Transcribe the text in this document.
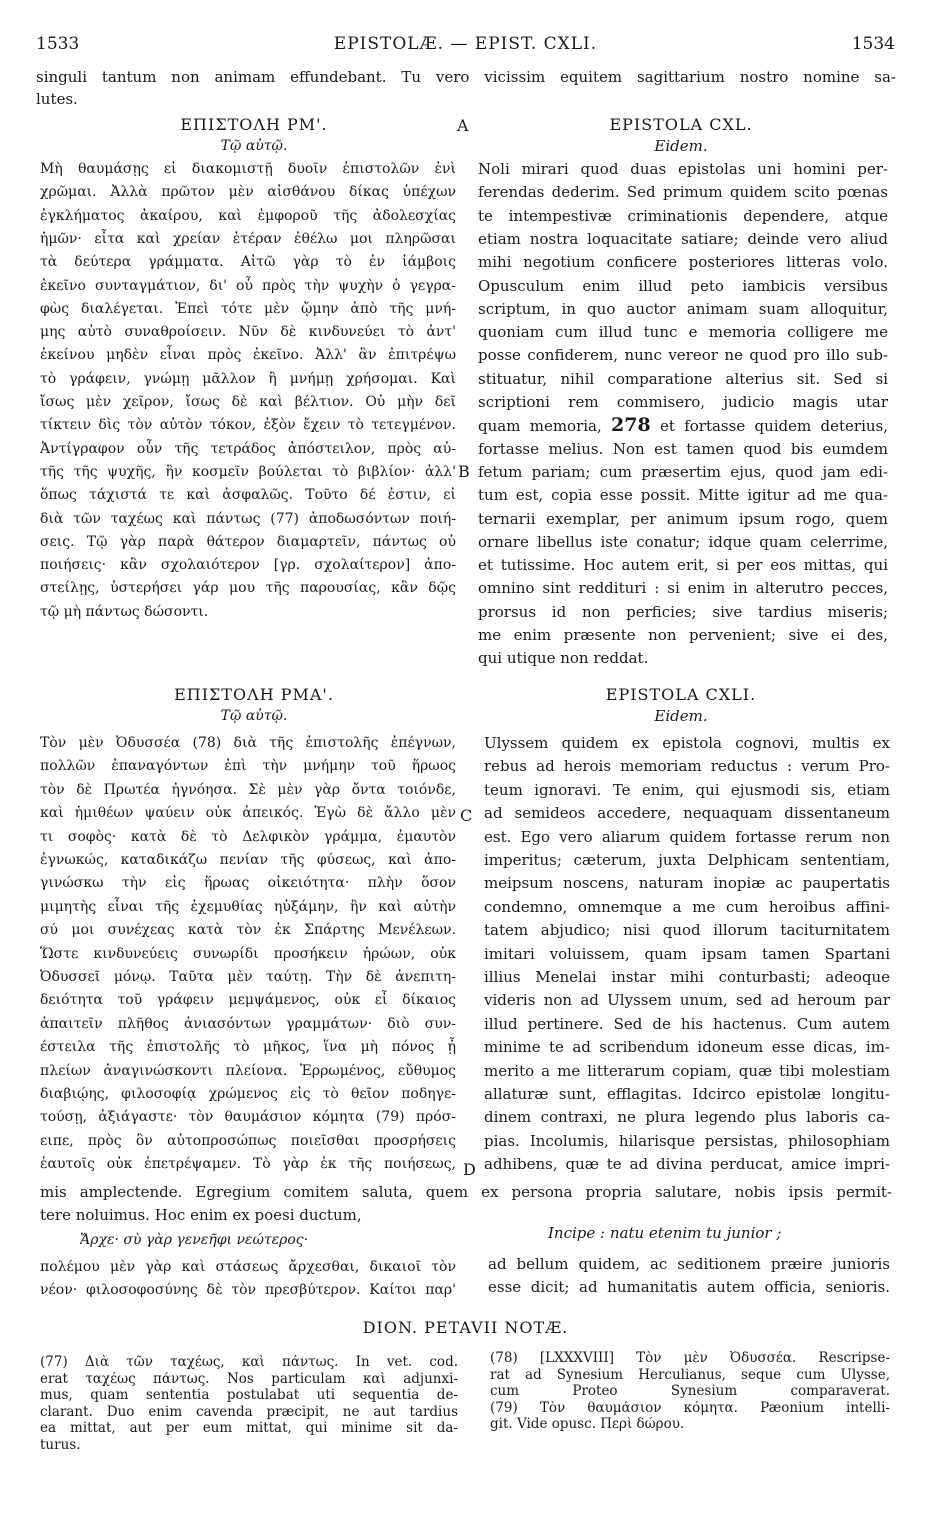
1533	EPISTOLÆ. — EPIST. CXLI.	1534
singuli tantum non animam effundebant. Tu vero vicissim equitem sagittarium nostro nomine sa-
lutes.
ΕΠΙΣΤΟΛΗ ΡΜ'.
Τῷ αὐτῷ.
Μὴ θαυμάσῃς εἰ διακομιστῇ δυοῖν ἐπιστολῶν ἐνὶ
χρῶμαι. Ἀλλὰ πρῶτον μὲν αἰσθάνου δίκας ὑπέχων
ἐγκλήματος ἀκαίρου, καὶ ἐμφοροῦ τῆς ἀδολεσχίας
ἡμῶν· εἶτα καὶ χρείαν ἑτέραν ἐθέλω μοι πληρῶσαι
τὰ δεύτερα γράμματα. Αἰτῶ γὰρ τὸ ἐν ἰάμβοις
ἐκεῖνο συνταγμάτιον, δι' οὗ πρὸς τὴν ψυχὴν ὁ γεγρα-
φὼς διαλέγεται. Ἐπεὶ τότε μὲν ᾤμην ἀπὸ τῆς μνή-
μης αὐτὸ συναθροίσειν. Νῦν δὲ κινδυνεύει τὸ ἀντ'
ἐκείνου μηδὲν εἶναι πρὸς ἐκεῖνο. Ἀλλ' ἂν ἐπιτρέψω
τὸ γράφειν, γνώμῃ μᾶλλον ἢ μνήμῃ χρήσομαι. Καὶ
ἴσως μὲν χεῖρον, ἴσως δὲ καὶ βέλτιον. Οὐ μὴν δεῖ
τίκτειν δὶς τὸν αὐτὸν τόκον, ἐξὸν ἔχειν τὸ τετεγμένον.
Ἀντίγραφον οὖν τῆς τετράδος ἀπόστειλον, πρὸς αὐ-
τῆς τῆς ψυχῆς, ἣν κοσμεῖν βούλεται τὸ βιβλίον· ἀλλ'
ὅπως τάχιστά τε καὶ ἀσφαλῶς. Τοῦτο δέ ἐστιν, εἰ
διὰ τῶν ταχέως καὶ πάντως (77) ἀποδωσόντων ποιή-
σεις. Τῷ γὰρ παρὰ θάτερον διαμαρτεῖν, πάντως οὐ
ποιήσεις· κἂν σχολαιότερον [γρ. σχολαίτερον] ἀπο-
στείλῃς, ὑστερήσει γάρ μου τῆς παρουσίας, κἂν δῷς
τῷ μὴ πάντως δώσοντι.
EPISTOLA CXL.
Eidem.
Noli mirari quod duas epistolas uni homini per-
ferendas dederim. Sed primum quidem scito pœnas
te intempestivæ criminationis dependere, atque
etiam nostra loquacitate satiare; deinde vero aliud
mihi negotium conficere posteriores litteras volo.
Opusculum enim illud peto iambicis versibus
scriptum, in quo auctor animam suam alloquitur,
quoniam cum illud tunc e memoria colligere me
posse confiderem, nunc vereor ne quod pro illo sub-
stituatur, nihil comparatione alterius sit. Sed si
scriptioni rem commisero, judicio magis utar
quam memoria, 278 et fortasse quidem deterius,
fortasse melius. Non est tamen quod bis eumdem
fetum pariam; cum præsertim ejus, quod jam edi-
tum est, copia esse possit. Mitte igitur ad me qua-
ternarii exemplar, per animum ipsum rogo, quem
ornare libellus iste conatur; idque quam celerrime,
et tutissime. Hoc autem erit, si per eos mittas, qui
omnino sint reddituri : si enim in alterutro pecces,
prorsus id non perficies; sive tardius miseris;
me enim præsente non pervenient; sive ei des,
qui utique non reddat.
A
B
C
D
ΕΠΙΣΤΟΛΗ ΡΜΑ'.
Τῷ αὐτῷ.
Τὸν μὲν Ὀδυσσέα (78) διὰ τῆς ἐπιστολῆς ἐπέγνων,
πολλῶν ἐπαναγόντων ἐπὶ τὴν μνήμην τοῦ ἥρωος
τὸν δὲ Πρωτέα ἠγνόησα. Σὲ μὲν γὰρ ὄντα τοιόνδε,
καὶ ἡμιθέων ψαύειν οὐκ ἀπεικός. Ἐγὼ δὲ ἄλλο μὲν
τι σοφὸς· κατὰ δὲ τὸ Δελφικὸν γράμμα, ἐμαυτὸν
ἐγνωκώς, καταδικάζω πενίαν τῆς φύσεως, καὶ ἀπο-
γινώσκω τὴν εἰς ἥρωας οἰκειότητα· πλὴν ὅσον
μιμητὴς εἶναι τῆς ἐχεμυθίας ηὐξάμην, ἣν καὶ αὐτὴν
σύ μοι συνέχεας κατὰ τὸν ἐκ Σπάρτης Μενέλεων.
Ὥστε κινδυνεύεις συνωρίδι προσήκειν ἡρώων, οὐκ
Ὀδυσσεῖ μόνῳ. Ταῦτα μὲν ταύτῃ. Τὴν δὲ ἀνεπιτη-
δειότητα τοῦ γράφειν μεμψάμενος, οὐκ εἶ δίκαιος
ἀπαιτεῖν πλῆθος ἀνιασόντων γραμμάτων· διὸ συν-
έστειλα τῆς ἐπιστολῆς τὸ μῆκος, ἵνα μὴ πόνος ᾖ
πλείων ἀναγινώσκοντι πλείονα. Ἐρρωμένος, εὔθυμος
διαβιῴης, φιλοσοφίᾳ χρώμενος εἰς τὸ θεῖον ποδηγε-
τούσῃ, ἀξιάγαστε· τὸν θαυμάσιον κόμητα (79) πρόσ-
ειπε, πρὸς ὃν αὐτοπροσώπως ποιεῖσθαι προσρήσεις
ἑαυτοῖς οὐκ ἐπετρέψαμεν. Τὸ γὰρ ἐκ τῆς ποιήσεως,
EPISTOLA CXLI.
Eidem.
Ulyssem quidem ex epistola cognovi, multis ex
rebus ad herois memoriam reductus : verum Pro-
teum ignoravi. Te enim, qui ejusmodi sis, etiam
ad semideos accedere, nequaquam dissentaneum
est. Ego vero aliarum quidem fortasse rerum non
imperitus; cæterum, juxta Delphicam sententiam,
meipsum noscens, naturam inopiæ ac paupertatis
condemno, omnemque a me cum heroibus affini-
tatem abjudico; nisi quod illorum taciturnitatem
imitari voluissem, quam ipsam tamen Spartani
illius Menelai instar mihi conturbasti; adeoque
videris non ad Ulyssem unum, sed ad heroum par
illud pertinere. Sed de his hactenus. Cum autem
minime te ad scribendum idoneum esse dicas, im-
merito a me litterarum copiam, quæ tibi molestiam
allaturæ sunt, efflagitas. Idcirco epistolæ longitu-
dinem contraxi, ne plura legendo plus laboris ca-
pias. Incolumis, hilarisque persistas, philosophiam
adhibens, quæ te ad divina perducat, amice impri-
mis amplectende. Egregium comitem saluta, quem ex persona propria salutare, nobis ipsis permit-
tere noluimus. Hoc enim ex poesi ductum,
Ἄρχε· σὺ γὰρ γενεῆφι νεώτερος·	Incipe : natu etenim tu junior ;
πολέμου μὲν γὰρ καὶ στάσεως ἄρχεσθαι, δικαιοῖ τὸν
νέον· φιλοσοφοσύνης δὲ τὸν πρεσβύτερον. Καίτοι παρ'
ad bellum quidem, ac seditionem præire junioris
esse dicit; ad humanitatis autem officia, senioris.
DION. PETAVII NOTÆ.
(77) Διὰ τῶν ταχέως, καὶ πάντως. In vet. cod.
erat ταχέως πάντως. Nos particulam καὶ adjunxi-
mus, quam sententia postulabat uti sequentia de-
clarant. Duo enim cavenda præcipit, ne aut tardius
ea mittat, aut per eum mittat, qui minime sit da-
turus.
(78) [LXXXVIII] Τὸν μὲν Ὀδυσσέα. Rescripse-
rat ad Synesium Herculianus, seque cum Ulysse,
cum Proteo Synesium comparaverat.
(79) Τὸν θαυμάσιον κόμητα. Pæonium intelli-
git. Vide opusc. Περὶ δώρου.
